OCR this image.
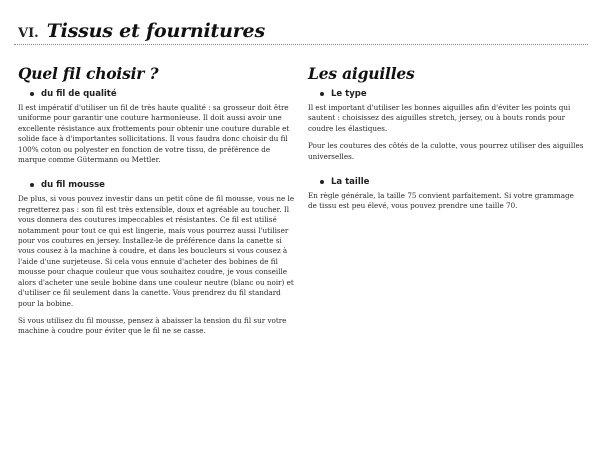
VI. Tissus et fournitures
Quel fil choisir ?
du fil de qualité

Il est impératif d'utiliser un fil de très haute qualité : sa grosseur doit être uniforme pour garantir une couture harmonieuse. Il doit aussi avoir une excellente résistance aux frottements pour obtenir une couture durable et solide face à d'importantes sollicitations. Il vous faudra donc choisir du fil 100% coton ou polyester en fonction de votre tissu, de préférence de marque comme Gütermann ou Mettler.

du fil mousse

De plus, si vous pouvez investir dans un petit cône de fil mousse, vous ne le regretterez pas : son fil est très extensible, doux et agréable au toucher. Il vous donnera des coutures impeccables et résistantes. Ce fil est utilisé notamment pour tout ce qui est lingerie, mais vous pourrez aussi l'utiliser pour vos coutures en jersey. Installez-le de préférence dans la canette si vous cousez à la machine à coudre, et dans les boucleurs si vous cousez à l'aide d'une surjeteuse. Si cela vous ennuie d'acheter des bobines de fil mousse pour chaque couleur que vous souhaitez coudre, je vous conseille alors d'acheter une seule bobine dans une couleur neutre (blanc ou noir) et d'utiliser ce fil seulement dans la canette. Vous prendrez du fil standard pour la bobine.

Si vous utilisez du fil mousse, pensez à abaisser la tension du fil sur votre machine à coudre pour éviter que le fil ne se casse.

Les aiguilles
Le type

Il est important d'utiliser les bonnes aiguilles afin d'éviter les points qui sautent : choisissez des aiguilles stretch, jersey, ou à bouts ronds pour coudre les élastiques.

Pour les coutures des côtés de la culotte, vous pourrez utiliser des aiguilles universelles.

La taille

En règle générale, la taille 75 convient parfaitement. Si votre grammage de tissu est peu élevé, vous pouvez prendre une taille 70.
